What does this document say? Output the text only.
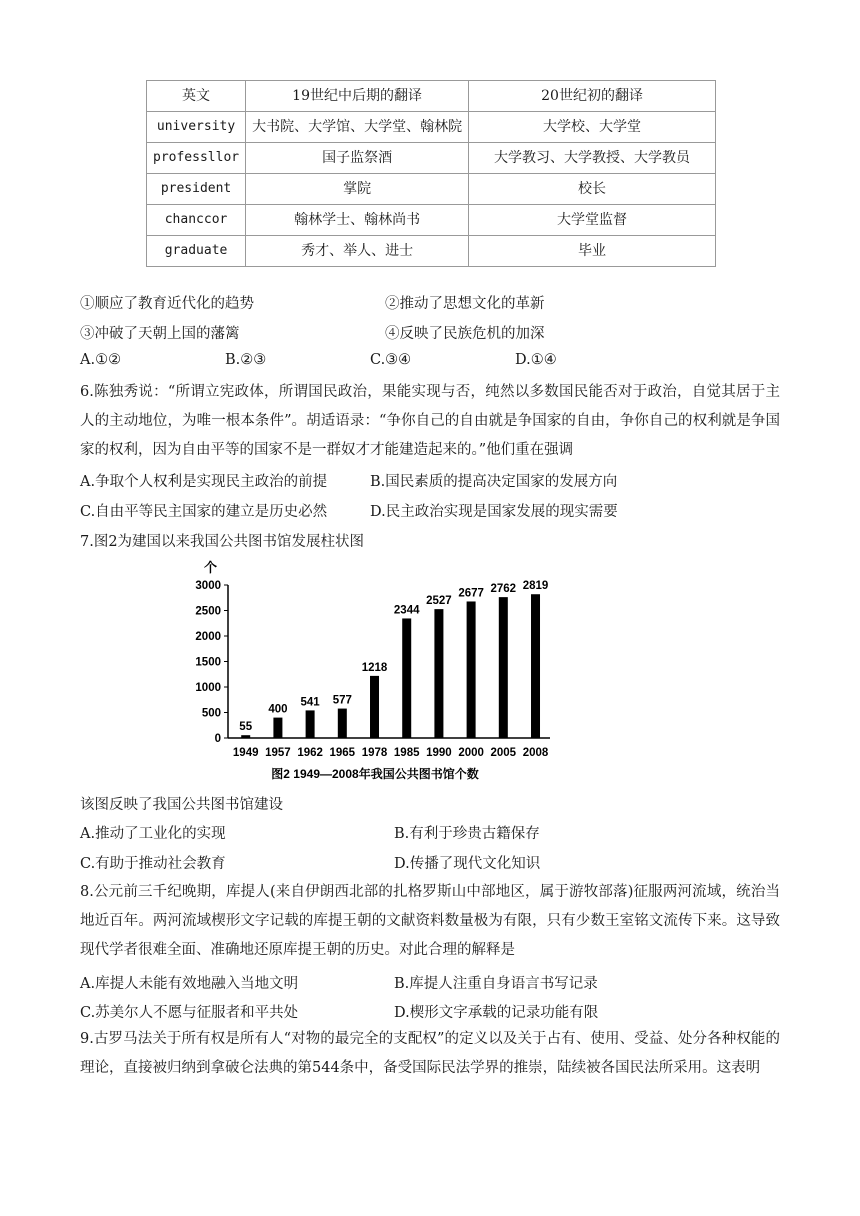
英文	19世纪中后期的翻译	20世纪初的翻译
university	大书院、大学馆、大学堂、翰林院	大学校、大学堂
professllor	国子监祭酒	大学教习、大学教授、大学教员
president	掌院	校长
chanccor	翰林学士、翰林尚书	大学堂监督
graduate	秀才、举人、进士	毕业
①顺应了教育近代化的趋势	②推动了思想文化的革新
③冲破了天朝上国的藩篱	④反映了民族危机的加深
A.①②	B.②③	C.③④	D.①④
6.陈独秀说：“所谓立宪政体，所谓国民政治，果能实现与否，纯然以多数国民能否对于政治，自觉其居于主人的主动地位，为唯一根本条件”。胡适语录：“争你自己的自由就是争国家的自由，争你自己的权利就是争国家的权利，因为自由平等的国家不是一群奴才才能建造起来的。”他们重在强调
A.争取个人权利是实现民主政治的前提	B.国民素质的提高决定国家的发展方向
C.自由平等民主国家的建立是历史必然	D.民主政治实现是国家发展的现实需要
7.图2为建国以来我国公共图书馆发展柱状图
个
0
500
1000
1500
2000
2500
3000
55
400
541 577
1218
2344
2527
2677 2762 2819
1949 1957 1962 1965 1978 1985 1990 2000 2005 2008
图2 1949—2008年我国公共图书馆个数
该图反映了我国公共图书馆建设
A.推动了工业化的实现	B.有利于珍贵古籍保存
C.有助于推动社会教育	D.传播了现代文化知识
8.公元前三千纪晚期，库提人(来自伊朗西北部的扎格罗斯山中部地区，属于游牧部落)征服两河流域，统治当地近百年。两河流域楔形文字记载的库提王朝的文献资料数量极为有限，只有少数王室铭文流传下来。这导致现代学者很难全面、准确地还原库提王朝的历史。对此合理的解释是
A.库提人未能有效地融入当地文明	B.库提人注重自身语言书写记录
C.苏美尔人不愿与征服者和平共处	D.楔形文字承载的记录功能有限
9.古罗马法关于所有权是所有人“对物的最完全的支配权”的定义以及关于占有、使用、受益、处分各种权能的理论，直接被归纳到拿破仑法典的第544条中，备受国际民法学界的推崇，陆续被各国民法所采用。这表明
